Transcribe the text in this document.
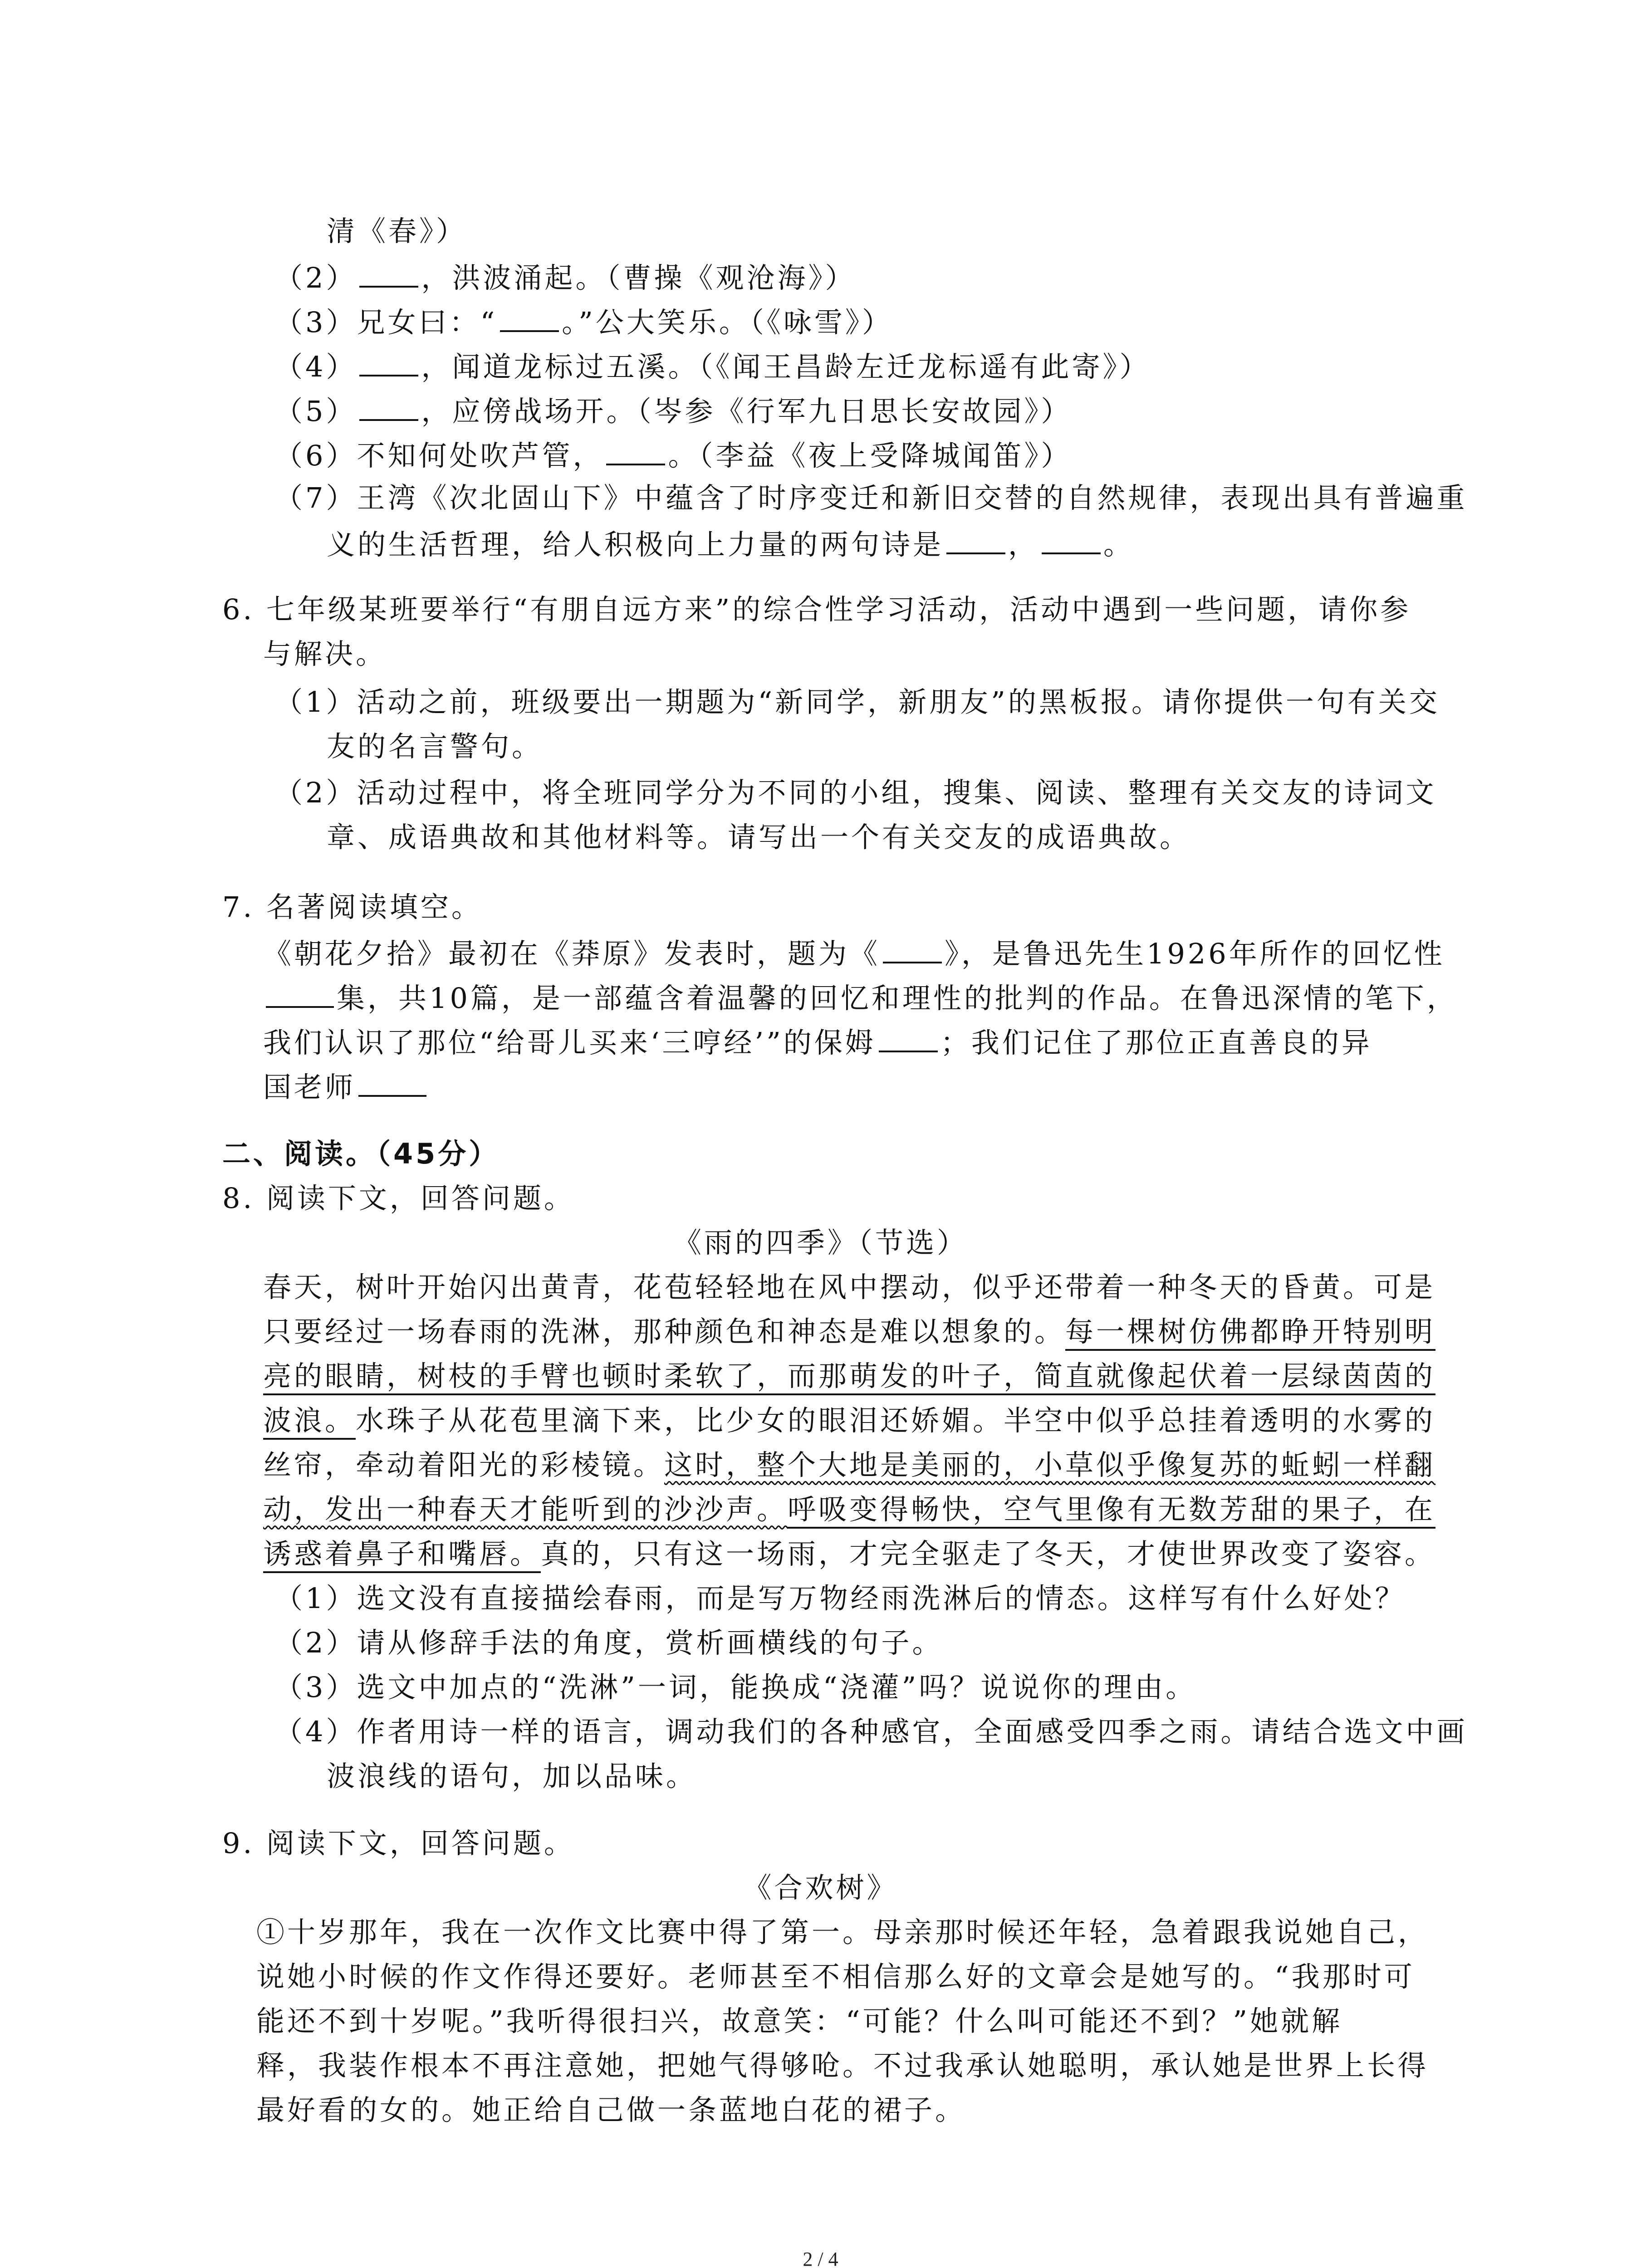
清《春》）
（2） ，洪波涌起。（曹操《观沧海》）
（3）兄女曰：“ 。”公大笑乐。（《咏雪》）
（4） ，闻道龙标过五溪。（《闻王昌龄左迁龙标遥有此寄》）
（5） ，应傍战场开。（岑参《行军九日思长安故园》）
（6）不知何处吹芦管， 。（李益《夜上受降城闻笛》）
（7）王湾《次北固山下》中蕴含了时序变迁和新旧交替的自然规律，表现出具有普遍重
义的生活哲理，给人积极向上力量的两句诗是 ， 。
6. 七年级某班要举行“有朋自远方来”的综合性学习活动，活动中遇到一些问题，请你参
与解决。
（1）活动之前，班级要出一期题为“新同学，新朋友”的黑板报。请你提供一句有关交
友的名言警句。
（2）活动过程中，将全班同学分为不同的小组，搜集、阅读、整理有关交友的诗词文
章、成语典故和其他材料等。请写出一个有关交友的成语典故。
7. 名著阅读填空。
《朝花夕拾》最初在《莽原》发表时，题为《 》，是鲁迅先生1926年所作的回忆性
集，共10篇，是一部蕴含着温馨的回忆和理性的批判的作品。在鲁迅深情的笔下，
我们认识了那位“给哥儿买来‘三哼经’”的保姆 ；我们记住了那位正直善良的异
国老师
二、阅读。（45分）
8. 阅读下文，回答问题。
《雨的四季》（节选）
春天，树叶开始闪出黄青，花苞轻轻地在风中摆动，似乎还带着一种冬天的昏黄。可是
只要经过一场春雨的洗淋，那种颜色和神态是难以想象的。每一棵树仿佛都睁开特别明
亮的眼睛，树枝的手臂也顿时柔软了，而那萌发的叶子，简直就像起伏着一层绿茵茵的
波浪。水珠子从花苞里滴下来，比少女的眼泪还娇媚。半空中似乎总挂着透明的水雾的
丝帘，牵动着阳光的彩棱镜。这时，整个大地是美丽的，小草似乎像复苏的蚯蚓一样翻
动，发出一种春天才能听到的沙沙声。呼吸变得畅快，空气里像有无数芳甜的果子，在
诱惑着鼻子和嘴唇。真的，只有这一场雨，才完全驱走了冬天，才使世界改变了姿容。
（1）选文没有直接描绘春雨，而是写万物经雨洗淋后的情态。这样写有什么好处？
（2）请从修辞手法的角度，赏析画横线的句子。
（3）选文中加点的“洗淋”一词，能换成“浇灌”吗？说说你的理由。
（4）作者用诗一样的语言，调动我们的各种感官，全面感受四季之雨。请结合选文中画
波浪线的语句，加以品味。
9. 阅读下文，回答问题。
《合欢树》
①十岁那年，我在一次作文比赛中得了第一。母亲那时候还年轻，急着跟我说她自己，
说她小时候的作文作得还要好。老师甚至不相信那么好的文章会是她写的。“我那时可
能还不到十岁呢。”我听得很扫兴，故意笑：“可能？什么叫可能还不到？”她就解
释，我装作根本不再注意她，把她气得够呛。不过我承认她聪明，承认她是世界上长得
最好看的女的。她正给自己做一条蓝地白花的裙子。
2 / 4
